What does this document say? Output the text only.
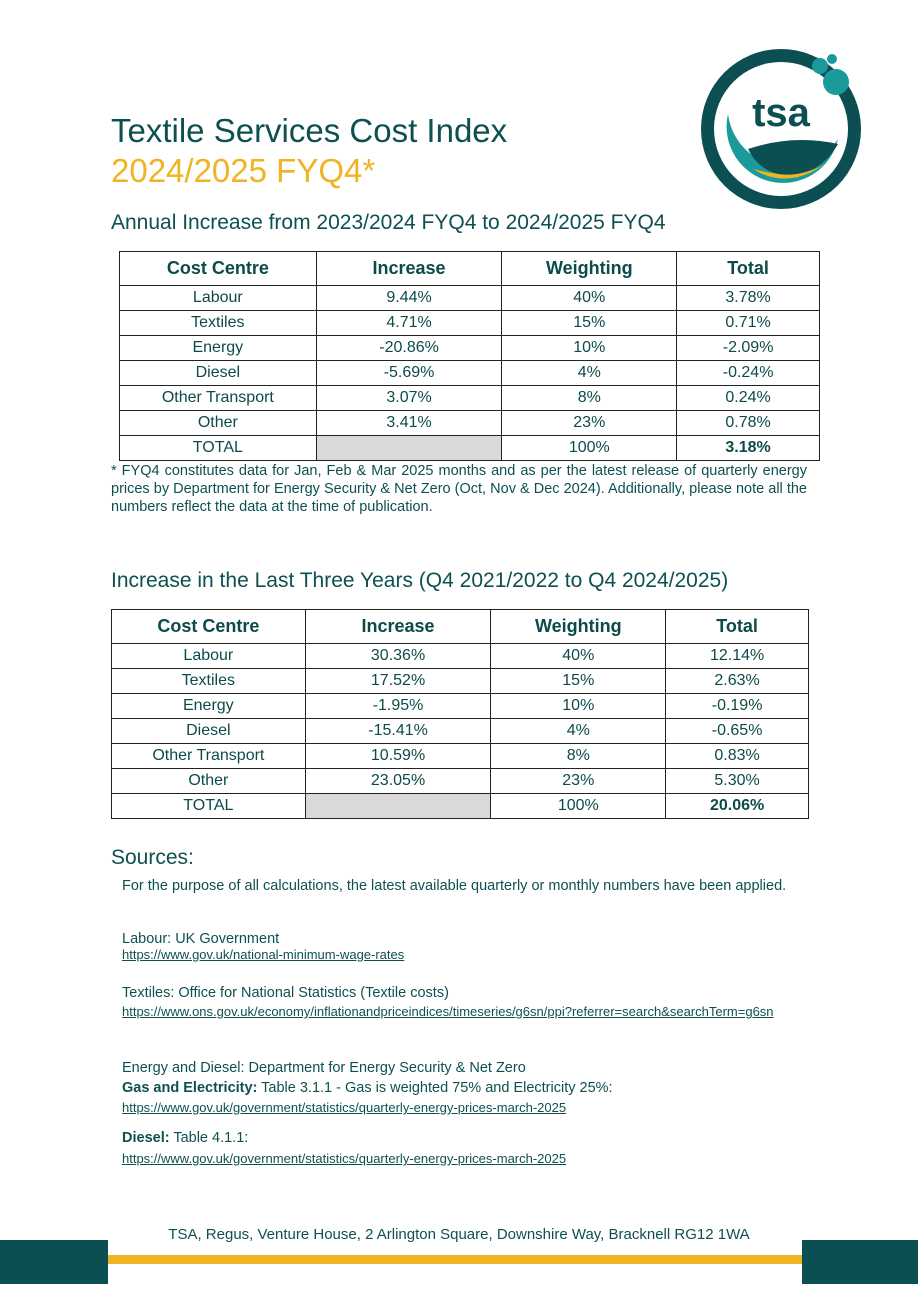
Textile Services Cost Index
2024/2025 FYQ4*
tsa
Annual Increase from 2023/2024 FYQ4 to 2024/2025 FYQ4
Cost Centre	Increase	Weighting	Total
Labour	9.44%	40%	3.78%
Textiles	4.71%	15%	0.71%
Energy	-20.86%	10%	-2.09%
Diesel	-5.69%	4%	-0.24%
Other Transport	3.07%	8%	0.24%
Other	3.41%	23%	0.78%
TOTAL		100%	3.18%
* FYQ4 constitutes data for Jan, Feb & Mar 2025 months and as per the latest release of quarterly energy prices by Department for Energy Security & Net Zero (Oct, Nov & Dec 2024). Additionally, please note all the numbers reflect the data at the time of publication.
Increase in the Last Three Years (Q4 2021/2022 to Q4 2024/2025)
Cost Centre	Increase	Weighting	Total
Labour	30.36%	40%	12.14%
Textiles	17.52%	15%	2.63%
Energy	-1.95%	10%	-0.19%
Diesel	-15.41%	4%	-0.65%
Other Transport	10.59%	8%	0.83%
Other	23.05%	23%	5.30%
TOTAL		100%	20.06%
Sources:
For the purpose of all calculations, the latest available quarterly or monthly numbers have been applied.
Labour: UK Government
https://www.gov.uk/national-minimum-wage-rates
Textiles: Office for National Statistics (Textile costs)
https://www.ons.gov.uk/economy/inflationandpriceindices/timeseries/g6sn/ppi?referrer=search&searchTerm=g6sn
Energy and Diesel: Department for Energy Security & Net Zero
Gas and Electricity: Table 3.1.1 - Gas is weighted 75% and Electricity 25%:
https://www.gov.uk/government/statistics/quarterly-energy-prices-march-2025
Diesel: Table 4.1.1:
https://www.gov.uk/government/statistics/quarterly-energy-prices-march-2025
TSA, Regus, Venture House, 2 Arlington Square, Downshire Way, Bracknell RG12 1WA
